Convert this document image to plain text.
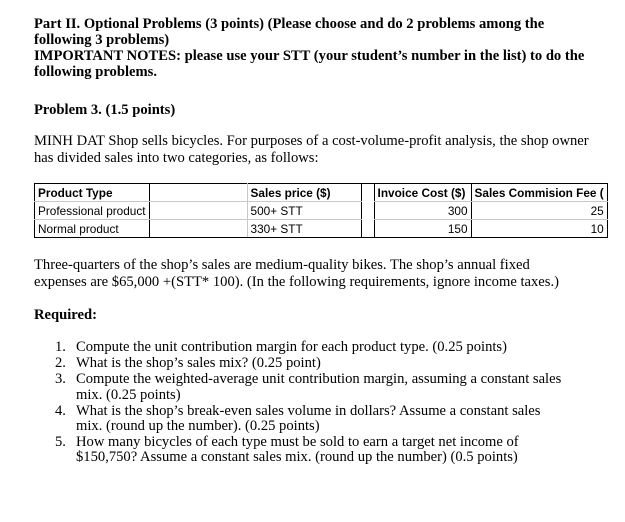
Part II. Optional Problems (3 points) (Please choose and do 2 problems among the following 3 problems)

IMPORTANT NOTES: please use your STT (your student’s number in the list) to do the following problems.

Problem 3. (1.5 points)

MINH DAT Shop sells bicycles. For purposes of a cost-volume-profit analysis, the shop owner has divided sales into two categories, as follows:

Product Type		Sales price ($)		Invoice Cost ($)	Sales Commision Fee (
Professional product		500+ STT		300	25
Normal product		330+ STT		150	10

Three-quarters of the shop’s sales are medium-quality bikes. The shop’s annual fixed expenses are $65,000 +(STT* 100). (In the following requirements, ignore income taxes.)

Required:
1. Compute the unit contribution margin for each product type. (0.25 points)
2. What is the shop’s sales mix? (0.25 point)
3. Compute the weighted-average unit contribution margin, assuming a constant sales mix. (0.25 points)
4. What is the shop’s break-even sales volume in dollars? Assume a constant sales mix. (round up the number). (0.25 points)
5. How many bicycles of each type must be sold to earn a target net income of $150,750? Assume a constant sales mix. (round up the number) (0.5 points)
